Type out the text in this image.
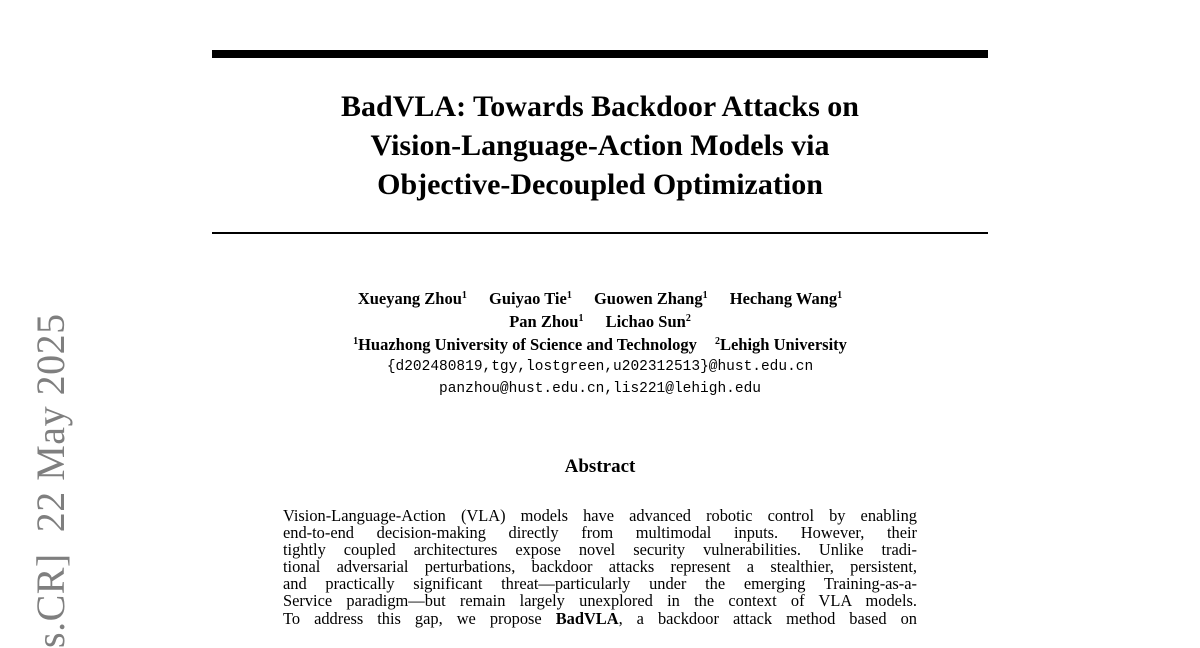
s.CR]  22 May 2025
BadVLA: Towards Backdoor Attacks on
Vision-Language-Action Models via
Objective-Decoupled Optimization
Xueyang Zhou$^1$ Guiyao Tie$^1$ Guowen Zhang$^1$ Hechang Wang$^1$
Pan Zhou$^1$ Lichao Sun$^2$
$^1$Huazhong University of Science and Technology $^2$Lehigh University
{d202480819,tgy,lostgreen,u202312513}@hust.edu.cn
panzhou@hust.edu.cn,lis221@lehigh.edu
Abstract
Vision-Language-Action (VLA) models have advanced robotic control by enabling
end-to-end decision-making directly from multimodal inputs. However, their
tightly coupled architectures expose novel security vulnerabilities. Unlike tradi-
tional adversarial perturbations, backdoor attacks represent a stealthier, persistent,
and practically significant threat—particularly under the emerging Training-as-a-
Service paradigm—but remain largely unexplored in the context of VLA models.
To address this gap, we propose BadVLA, a backdoor attack method based on
